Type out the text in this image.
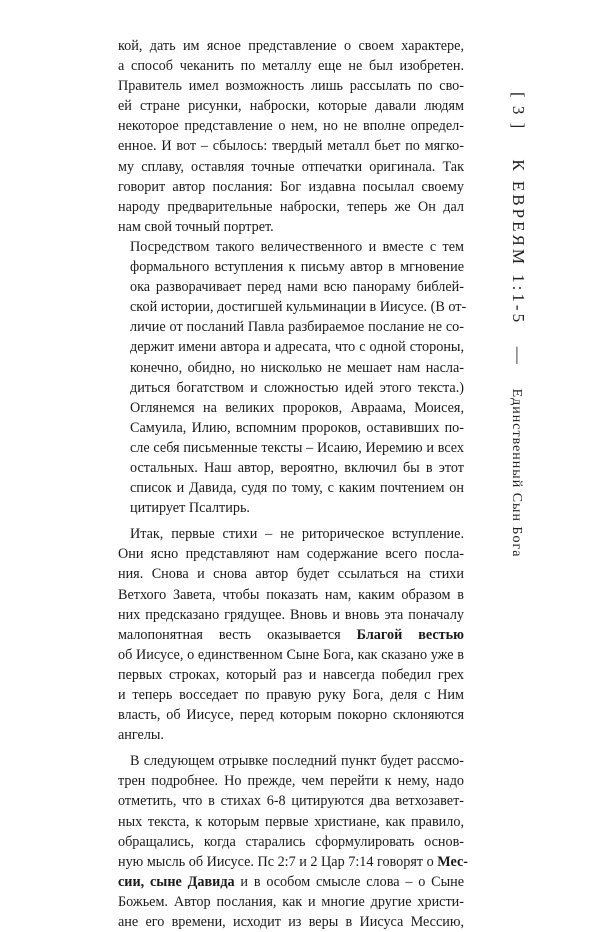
[ 3 ]    К ЕВРЕЯМ 1:1-5   —   Единственный Сын Бога

кой, дать им ясное представление о своем характере,
а способ чеканить по металлу еще не был изобретен.
Правитель имел возможность лишь рассылать по сво-
ей стране рисунки, наброски, которые давали людям
некоторое представление о нем, но не вполне определ-
енное. И вот – сбылось: твердый металл бьет по мягко-
му сплаву, оставляя точные отпечатки оригинала. Так
говорит автор послания: Бог издавна посылал своему
народу предварительные наброски, теперь же Он дал
нам свой точный портрет.

Посредством такого величественного и вместе с тем
формального вступления к письму автор в мгновение
ока разворачивает перед нами всю панораму библей-
ской истории, достигшей кульминации в Иисусе. (В от-
личие от посланий Павла разбираемое послание не со-
держит имени автора и адресата, что с одной стороны,
конечно, обидно, но нисколько не мешает нам насла-
диться богатством и сложностью идей этого текста.)
Оглянемся на великих пророков, Авраама, Моисея,
Самуила, Илию, вспомним пророков, оставивших по-
сле себя письменные тексты – Исаию, Иеремию и всех
остальных. Наш автор, вероятно, включил бы в этот
список и Давида, судя по тому, с каким почтением он
цитирует Псалтирь.

Итак, первые стихи – не риторическое вступление.
Они ясно представляют нам содержание всего посла-
ния. Снова и снова автор будет ссылаться на стихи
Ветхого Завета, чтобы показать нам, каким образом в
них предсказано грядущее. Вновь и вновь эта поначалу
малопонятная весть оказывается Благой вестью
об Иисусе, о единственном Сыне Бога, как сказано уже в
первых строках, который раз и навсегда победил грех
и теперь восседает по правую руку Бога, деля с Ним
власть, об Иисусе, перед которым покорно склоняются
ангелы.

В следующем отрывке последний пункт будет рассмо-
трен подробнее. Но прежде, чем перейти к нему, надо
отметить, что в стихах 6-8 цитируются два ветхозавет-
ных текста, к которым первые христиане, как правило,
обращались, когда старались сформулировать основ-
ную мысль об Иисусе. Пс 2:7 и 2 Цар 7:14 говорят о Мес-
сии, сыне Давида и в особом смысле слова – о Сыне
Божьем. Автор послания, как и многие другие христи-
ане его времени, исходит из веры в Иисуса Мессию,
